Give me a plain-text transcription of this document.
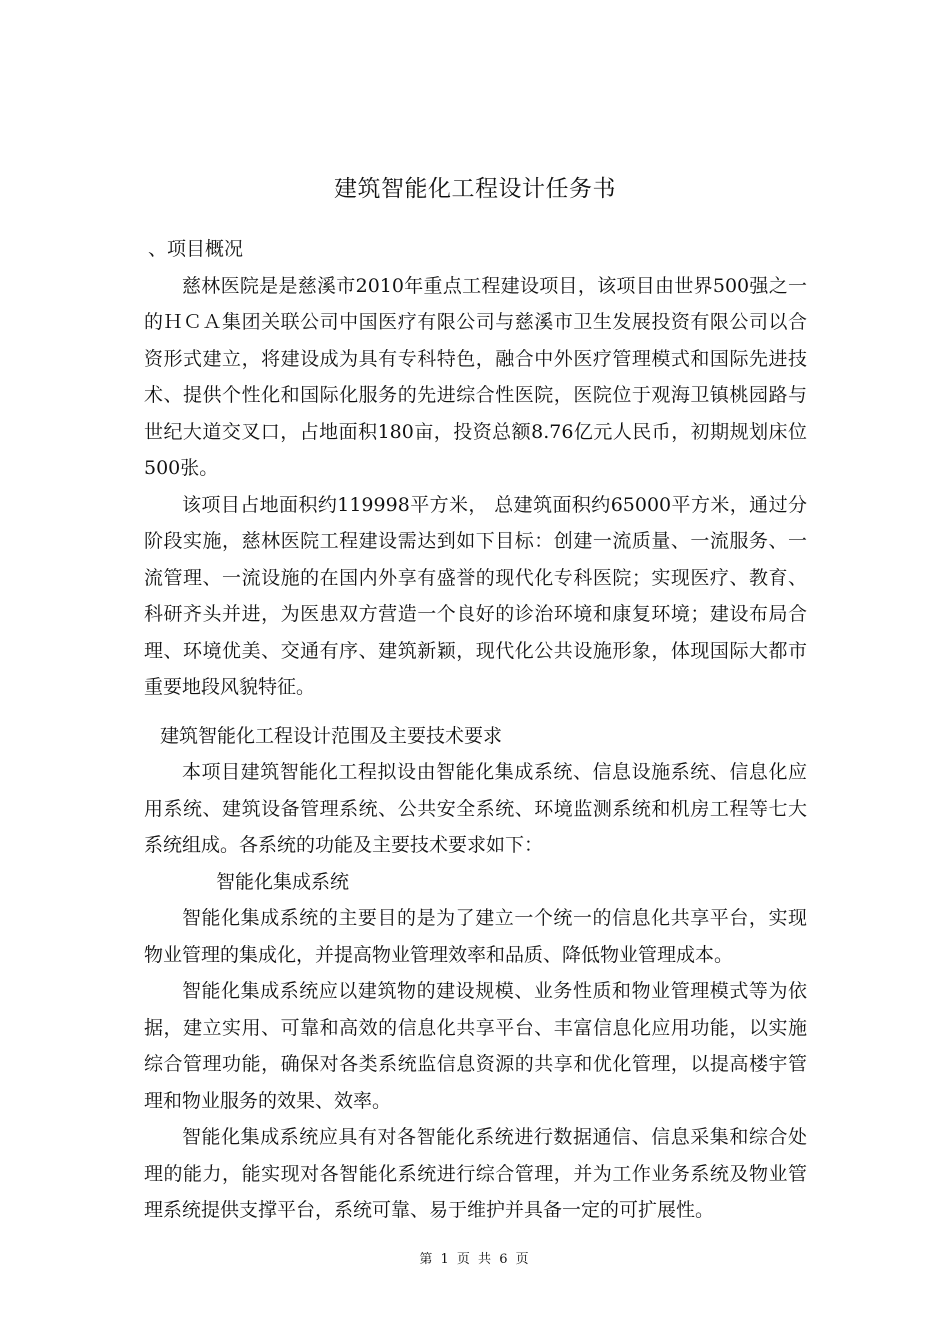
建筑智能化工程设计任务书

、项目概况

慈林医院是是慈溪市2010年重点工程建设项目，该项目由世界500强之一的ＨＣＡ集团关联公司中国医疗有限公司与慈溪市卫生发展投资有限公司以合资形式建立，将建设成为具有专科特色，融合中外医疗管理模式和国际先进技术、提供个性化和国际化服务的先进综合性医院，医院位于观海卫镇桃园路与世纪大道交叉口，占地面积180亩，投资总额8.76亿元人民币，初期规划床位500张。

该项目占地面积约119998平方米， 总建筑面积约65000平方米，通过分阶段实施，慈林医院工程建设需达到如下目标：创建一流质量、一流服务、一流管理、一流设施的在国内外享有盛誉的现代化专科医院；实现医疗、教育、科研齐头并进，为医患双方营造一个良好的诊治环境和康复环境；建设布局合理、环境优美、交通有序、建筑新颖，现代化公共设施形象，体现国际大都市重要地段风貌特征。

建筑智能化工程设计范围及主要技术要求

本项目建筑智能化工程拟设由智能化集成系统、信息设施系统、信息化应用系统、建筑设备管理系统、公共安全系统、环境监测系统和机房工程等七大系统组成。各系统的功能及主要技术要求如下：

智能化集成系统

智能化集成系统的主要目的是为了建立一个统一的信息化共享平台，实现物业管理的集成化，并提高物业管理效率和品质、降低物业管理成本。

智能化集成系统应以建筑物的建设规模、业务性质和物业管理模式等为依据，建立实用、可靠和高效的信息化共享平台、丰富信息化应用功能，以实施综合管理功能，确保对各类系统监信息资源的共享和优化管理，以提高楼宇管理和物业服务的效果、效率。

智能化集成系统应具有对各智能化系统进行数据通信、信息采集和综合处理的能力，能实现对各智能化系统进行综合管理，并为工作业务系统及物业管理系统提供支撑平台，系统可靠、易于维护并具备一定的可扩展性。

第 1 页 共 6 页
